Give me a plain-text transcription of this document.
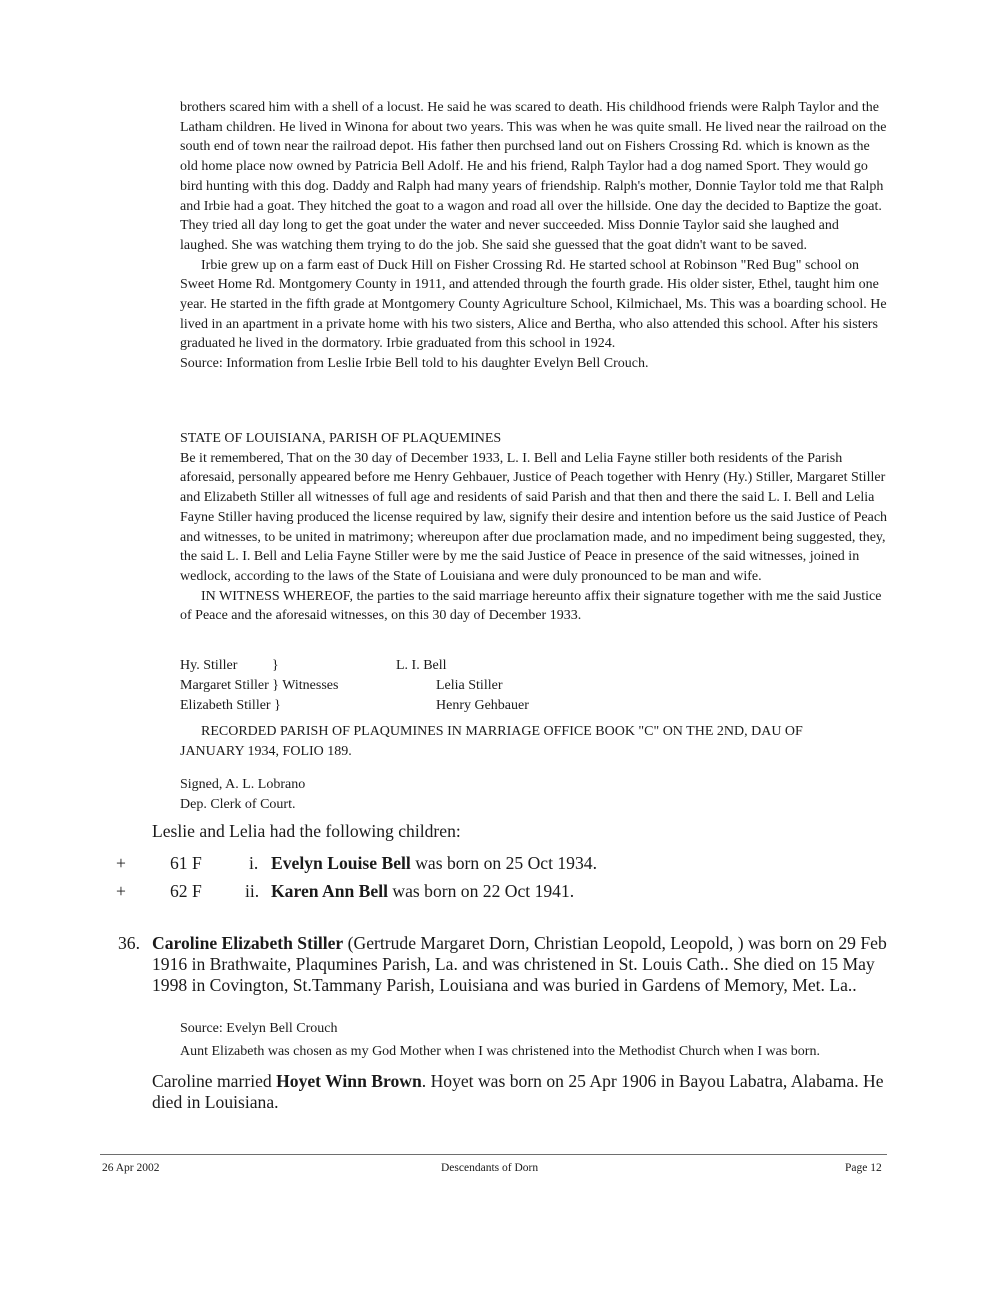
brothers scared him with a shell of a locust. He said he was scared to death. His childhood friends were Ralph Taylor and the Latham children. He lived in Winona for about two years. This was when he was quite small. He lived near the railroad on the south end of town near the railroad depot. His father then purchsed land out on Fishers Crossing Rd. which is known as the old home place now owned by Patricia Bell Adolf. He and his friend, Ralph Taylor had a dog named Sport. They would go bird hunting with this dog. Daddy and Ralph had many years of friendship. Ralph's mother, Donnie Taylor told me that Ralph and Irbie had a goat. They hitched the goat to a wagon and road all over the hillside. One day the decided to Baptize the goat. They tried all day long to get the goat under the water and never succeeded. Miss Donnie Taylor said she laughed and laughed. She was watching them trying to do the job. She said she guessed that the goat didn't want to be saved.

Irbie grew up on a farm east of Duck Hill on Fisher Crossing Rd. He started school at Robinson "Red Bug" school on Sweet Home Rd. Montgomery County in 1911, and attended through the fourth grade. His older sister, Ethel, taught him one year. He started in the fifth grade at Montgomery County Agriculture School, Kilmichael, Ms. This was a boarding school. He lived in an apartment in a private home with his two sisters, Alice and Bertha, who also attended this school. After his sisters graduated he lived in the dormatory. Irbie graduated from this school in 1924.

Source: Information from Leslie Irbie Bell told to his daughter Evelyn Bell Crouch.

STATE OF LOUISIANA, PARISH OF PLAQUEMINES

Be it remembered, That on the 30 day of December 1933, L. I. Bell and Lelia Fayne stiller both residents of the Parish aforesaid, personally appeared before me Henry Gehbauer, Justice of Peach together with Henry (Hy.) Stiller, Margaret Stiller and Elizabeth Stiller all witnesses of full age and residents of said Parish and that then and there the said L. I. Bell and Lelia Fayne Stiller having produced the license required by law, signify their desire and intention before us the said Justice of Peach and witnesses, to be united in matrimony; whereupon after due proclamation made, and no impediment being suggested, they, the said L. I. Bell and Lelia Fayne Stiller were by me the said Justice of Peace in presence of the said witnesses, joined in wedlock, according to the laws of the State of Louisiana and were duly pronounced to be man and wife.

IN WITNESS WHEREOF, the parties to the said marriage hereunto affix their signature together with me the said Justice of Peace and the aforesaid witnesses, on this 30 day of December 1933.

Hy. Stiller }	L. I. Bell
Margaret Stiller } Witnesses	Lelia Stiller
Elizabeth Stiller }	Henry Gehbauer
RECORDED PARISH OF PLAQUMINES IN MARRIAGE OFFICE BOOK "C" ON THE 2ND, DAU OF
JANUARY 1934, FOLIO 189.
Signed, A. L. Lobrano
Dep. Clerk of Court.
Leslie and Lelia had the following children:
+	61 F	i. Evelyn Louise Bell was born on 25 Oct 1934.
+	62 F ii. Karen Ann Bell was born on 22 Oct 1941.
36. Caroline Elizabeth Stiller (Gertrude Margaret Dorn, Christian Leopold, Leopold, ) was born on 29 Feb 1916 in Brathwaite, Plaqumines Parish, La. and was christened in St. Louis Cath.. She died on 15 May 1998 in Covington, St.Tammany Parish, Louisiana and was buried in Gardens of Memory, Met. La..
Source: Evelyn Bell Crouch
Aunt Elizabeth was chosen as my God Mother when I was christened into the Methodist Church when I was born.
Caroline married Hoyet Winn Brown. Hoyet was born on 25 Apr 1906 in Bayou Labatra, Alabama. He died in Louisiana.
26 Apr 2002	Descendants of Dorn	Page 12
